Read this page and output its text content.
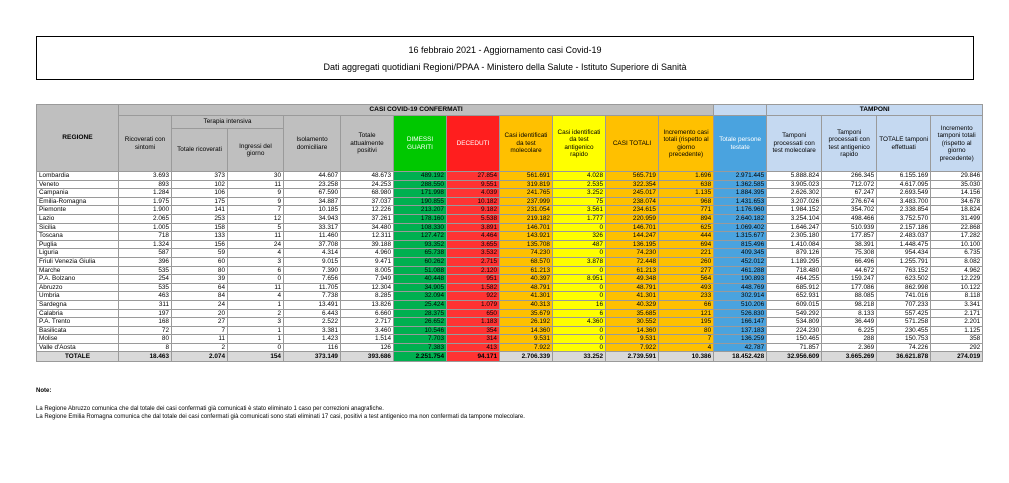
16 febbraio 2021 - Aggiornamento casi Covid-19
Dati aggregati quotidiani Regioni/PPAA - Ministero della Salute - Istituto Superiore di Sanità
REGIONE	CASI COVID-19 CONFERMATI												TAMPONI			
	Ricoverati con sintomi	Terapia intensiva		Isolamento domiciliare	Totale attualmente positivi	DIMESSI GUARITI	DECEDUTI	Casi identificati da test molecolare	Casi identificati da test antigenico rapido	CASI TOTALI	Incremento casi totali (rispetto al giorno precedente)	Totale persone testate	Tamponi processati con test molecolare	Tamponi processati con test antigenico rapido	TOTALE tamponi effettuati	Incremento tamponi totali (rispetto al giorno precedente)
		Totale ricoverati	Ingressi del giorno													
Lombardia	3.693	373	30	44.607	48.673	489.192	27.854	561.691	4.028	565.719	1.696	2.971.445	5.888.824	266.345	6.155.169	29.846
Veneto	893	102	11	23.258	24.253	288.550	9.551	319.819	2.535	322.354	638	1.362.585	3.905.023	712.072	4.617.095	35.030
Campania	1.284	106	9	67.590	68.980	171.998	4.039	241.765	3.252	245.017	1.135	1.884.395	2.626.302	67.247	2.693.549	14.156
Emilia-Romagna	1.975	175	9	34.887	37.037	190.855	10.182	237.999	75	238.074	968	1.431.653	3.207.026	276.674	3.483.700	34.678
Piemonte	1.900	141	7	10.185	12.226	213.207	9.182	231.054	3.561	234.615	771	1.176.960	1.984.152	354.702	2.338.854	18.824
Lazio	2.065	253	12	34.943	37.261	178.160	5.538	219.182	1.777	220.959	894	2.640.182	3.254.104	498.466	3.752.570	31.499
Sicilia	1.005	158	5	33.317	34.480	108.330	3.891	146.701	0	146.701	625	1.069.402	1.646.247	510.939	2.157.186	22.868
Toscana	718	133	11	11.460	12.311	127.472	4.464	143.921	326	144.247	444	1.315.677	2.305.180	177.857	2.483.037	17.282
Puglia	1.324	156	24	37.708	39.188	93.352	3.655	135.708	487	136.195	694	815.496	1.410.084	38.391	1.448.475	10.100
Liguria	587	59	4	4.314	4.960	65.738	3.532	74.230	0	74.230	221	409.345	879.126	75.308	954.434	6.735
Friuli Venezia Giulia	396	60	3	9.015	9.471	60.262	2.715	68.570	3.878	72.448	260	452.012	1.189.295	66.496	1.255.791	8.082
Marche	535	80	6	7.390	8.005	51.088	2.120	61.213	0	61.213	277	461.288	718.480	44.672	763.152	4.962
P.A. Bolzano	254	39	0	7.656	7.949	40.448	951	40.397	8.951	49.348	564	190.893	464.255	159.247	623.502	12.229
Abruzzo	535	64	11	11.705	12.304	34.905	1.582	48.791	0	48.791	493	448.769	685.912	177.086	862.998	10.122
Umbria	463	84	4	7.738	8.285	32.094	922	41.301	0	41.301	233	302.914	652.931	88.085	741.016	8.118
Sardegna	311	24	1	13.491	13.826	25.424	1.079	40.313	16	40.329	66	510.206	609.015	98.218	707.233	3.341
Calabria	197	20	2	6.443	6.660	28.375	650	35.679	6	35.685	121	526.830	549.292	8.133	557.425	2.171
P.A. Trento	168	27	3	2.522	2.717	26.652	1.183	26.192	4.360	30.552	195	166.147	534.809	36.449	571.258	2.201
Basilicata	72	7	1	3.381	3.460	10.546	354	14.360	0	14.360	80	137.183	224.230	6.225	230.455	1.125
Molise	80	11	1	1.423	1.514	7.703	314	9.531	0	9.531	7	136.259	150.465	288	150.753	358
Valle d'Aosta	8	2	0	116	126	7.383	413	7.922	0	7.922	4	42.787	71.857	2.369	74.226	292
TOTALE	18.463	2.074	154	373.149	393.686	2.251.754	94.171	2.706.339	33.252	2.739.591	10.386	18.452.428	32.956.609	3.665.269	36.621.878	274.019
Note:

La Regione Abruzzo comunica che dal totale dei casi confermati già comunicati è stato eliminato 1 caso per correzioni anagrafiche.

La Regione Emilia Romagna comunica che dal totale dei casi confermati già comunicati sono stati eliminati 17 casi, positivi a test antigenico ma non confermati da tampone molecolare.
